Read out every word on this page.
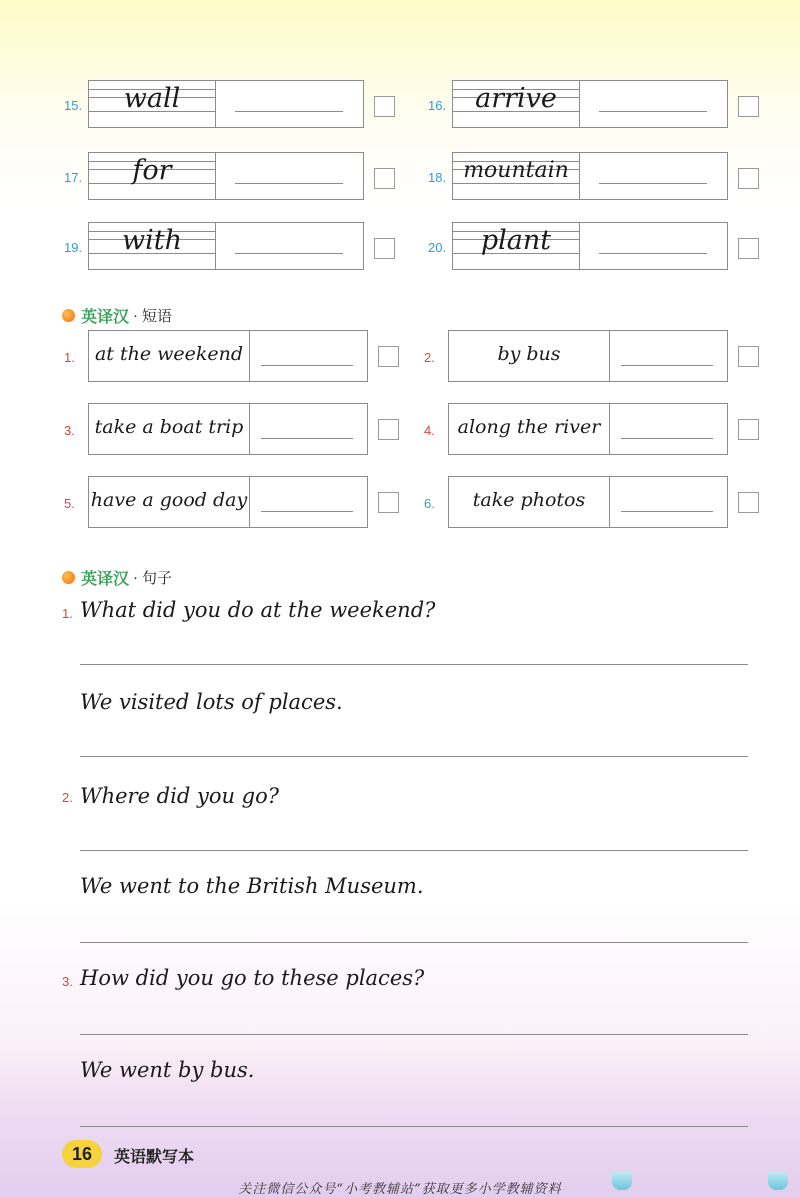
15.	wall	16.	arrive
17.	for	18. mountain
19.	with	20.	plant
英译汉 · 短语
1.	at the weekend	2.	by bus
3. take a boat trip	4.	along the river
5. have a good day	6.	take photos
英译汉 · 句子
1. What did you do at the weekend?
We visited lots of places.
2. Where did you go?
We went to the British Museum.
3. How did you go to these places?
We went by bus.
16	英语默写本
关注微信公众号“小考教辅站”获取更多小学教辅资料
